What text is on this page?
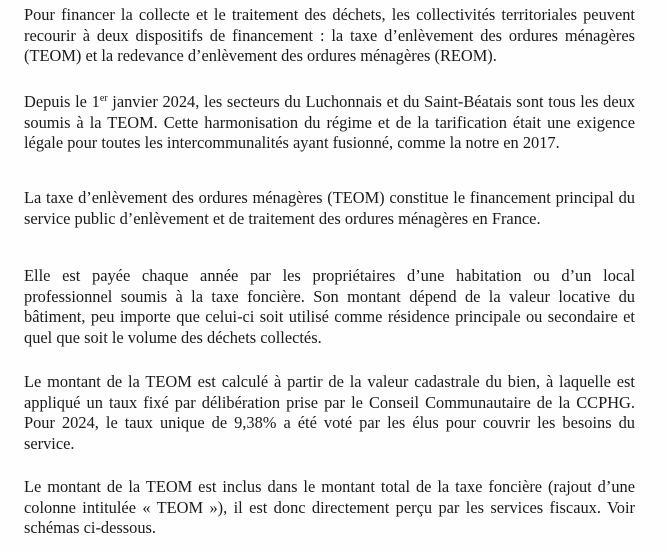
Pour financer la collecte et le traitement des déchets, les collectivités territoriales peuvent recourir à deux dispositifs de financement : la taxe d’enlèvement des ordures ménagères (TEOM) et la redevance d’enlèvement des ordures ménagères (REOM).

Depuis le 1er janvier 2024, les secteurs du Luchonnais et du Saint-Béatais sont tous les deux soumis à la TEOM. Cette harmonisation du régime et de la tarification était une exigence légale pour toutes les intercommunalités ayant fusionné, comme la notre en 2017.

La taxe d’enlèvement des ordures ménagères (TEOM) constitue le financement principal du service public d’enlèvement et de traitement des ordures ménagères en France.

Elle est payée chaque année par les propriétaires d’une habitation ou d’un local professionnel soumis à la taxe foncière. Son montant dépend de la valeur locative du bâtiment, peu importe que celui-ci soit utilisé comme résidence principale ou secondaire et quel que soit le volume des déchets collectés.

Le montant de la TEOM est calculé à partir de la valeur cadastrale du bien, à laquelle est appliqué un taux fixé par délibération prise par le Conseil Communautaire de la CCPHG. Pour 2024, le taux unique de 9,38% a été voté par les élus pour couvrir les besoins du service.

Le montant de la TEOM est inclus dans le montant total de la taxe foncière (rajout d’une colonne intitulée « TEOM »), il est donc directement perçu par les services fiscaux. Voir schémas ci-dessous.
